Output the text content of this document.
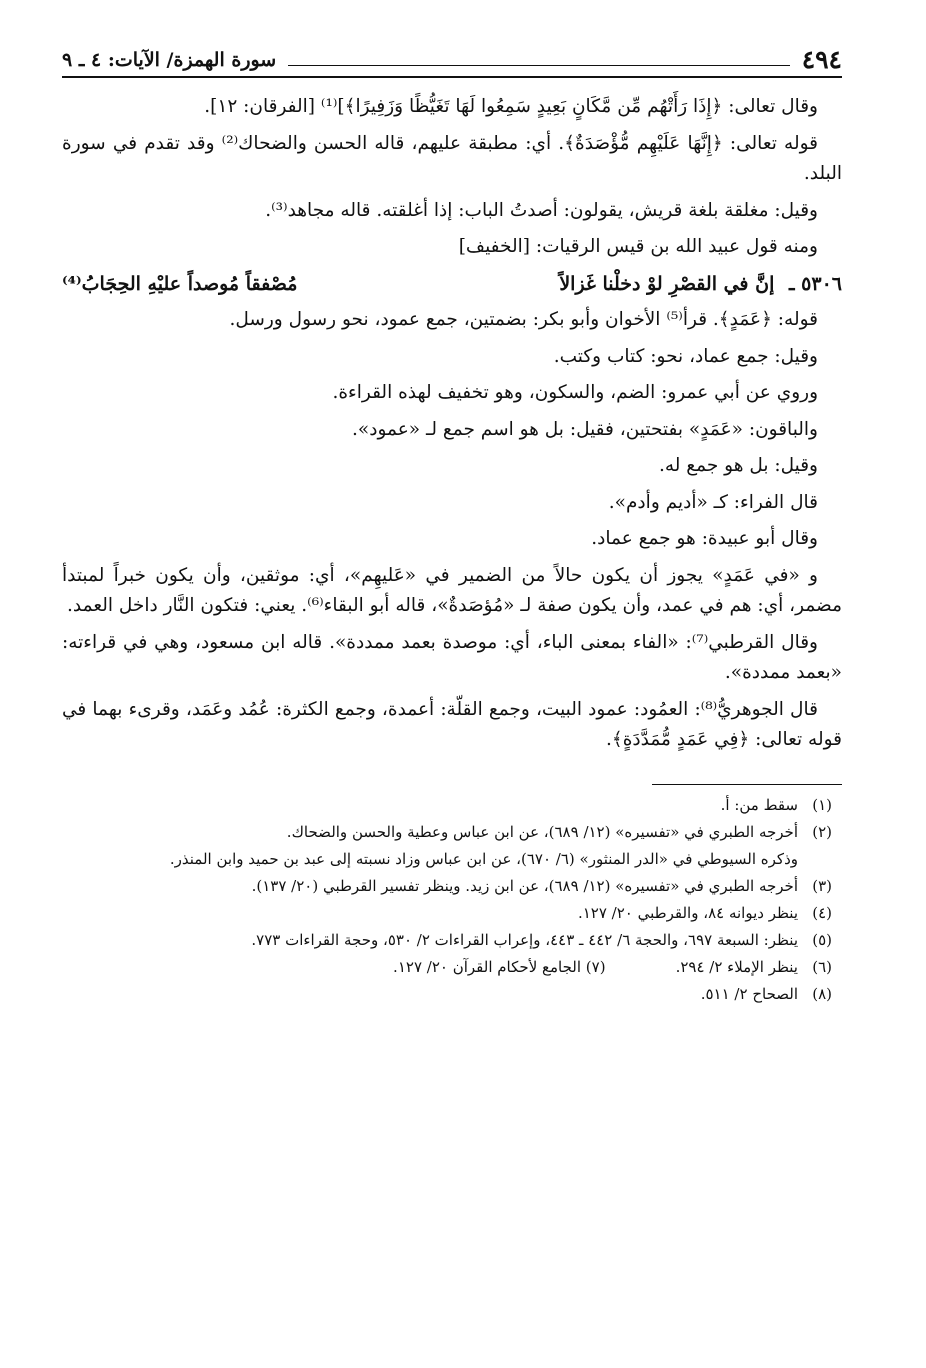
٤٩٤
سورة الهمزة/ الآيات: ٤ ـ ٩

وقال تعالى: ﴿إِذَا رَأَتْهُم مِّن مَّكَانٍ بَعِيدٍ سَمِعُوا لَهَا تَغَيُّظًا وَزَفِيرًا﴾]⁽¹⁾ [الفرقان: ١٢].

قوله تعالى: ﴿إِنَّهَا عَلَيْهِم مُّؤْصَدَةٌ﴾. أي: مطبقة عليهم، قاله الحسن والضحاك⁽²⁾ وقد تقدم في سورة البلد.

وقيل: مغلقة بلغة قريش، يقولون: أصدتُ الباب: إذا أغلقته. قاله مجاهد⁽³⁾.

ومنه قول عبيد الله بن قيس الرقيات: [الخفيف]

٥٣٠٦ ـ إنَّ في القصْرِ لوْ دخلْنا غَزالاً
مُصْفقاً مُوصداً عليْهِ الحِجَابُ⁽⁴⁾

قوله: ﴿عَمَدٍ﴾. قرأ⁽⁵⁾ الأخوان وأبو بكر: بضمتين، جمع عمود، نحو رسول ورسل.

وقيل: جمع عماد، نحو: كتاب وكتب.

وروي عن أبي عمرو: الضم، والسكون، وهو تخفيف لهذه القراءة.

والباقون: «عَمَدٍ» بفتحتين، فقيل: بل هو اسم جمع لـ «عمود».

وقيل: بل هو جمع له.

قال الفراء: كـ «أديم وأدم».

وقال أبو عبيدة: هو جمع عماد.

و «في عَمَدٍ» يجوز أن يكون حالاً من الضمير في «عَليهِم»، أي: موثقين، وأن يكون خبراً لمبتدأ مضمر، أي: هم في عمد، وأن يكون صفة لـ «مُؤصَدةٌ»، قاله أبو البقاء⁽⁶⁾. يعني: فتكون النَّار داخل العمد.

وقال القرطبي⁽⁷⁾: «الفاء بمعنى الباء، أي: موصدة بعمد ممددة». قاله ابن مسعود، وهي في قراءته: «بعمد ممددة».

قال الجوهريُّ⁽⁸⁾: العمُود: عمود البيت، وجمع القلّة: أعمدة، وجمع الكثرة: عُمُد وعَمَد، وقرىء بهما في قوله تعالى: ﴿فِي عَمَدٍ مُّمَدَّدَةٍ﴾.

(١)
سقط من: أ.
(٢)
أخرجه الطبري في «تفسيره» (١٢/ ٦٨٩)، عن ابن عباس وعطية والحسن والضحاك.
وذكره السيوطي في «الدر المنثور» (٦/ ٦٧٠)، عن ابن عباس وزاد نسبته إلى عبد بن حميد وابن المنذر.
(٣)
أخرجه الطبري في «تفسيره» (١٢/ ٦٨٩)، عن ابن زيد. وينظر تفسير القرطبي (٢٠/ ١٣٧).
(٤)
ينظر ديوانه ٨٤، والقرطبي ٢٠/ ١٢٧.
(٥)
ينظر: السبعة ٦٩٧، والحجة ٦/ ٤٤٢ ـ ٤٤٣، وإعراب القراءات ٢/ ٥٣٠، وحجة القراءات ٧٧٣.
(٦)
ينظر الإملاء ٢/ ٢٩٤.
(٧) الجامع لأحكام القرآن ٢٠/ ١٢٧.
(٨)
الصحاح ٢/ ٥١١.
